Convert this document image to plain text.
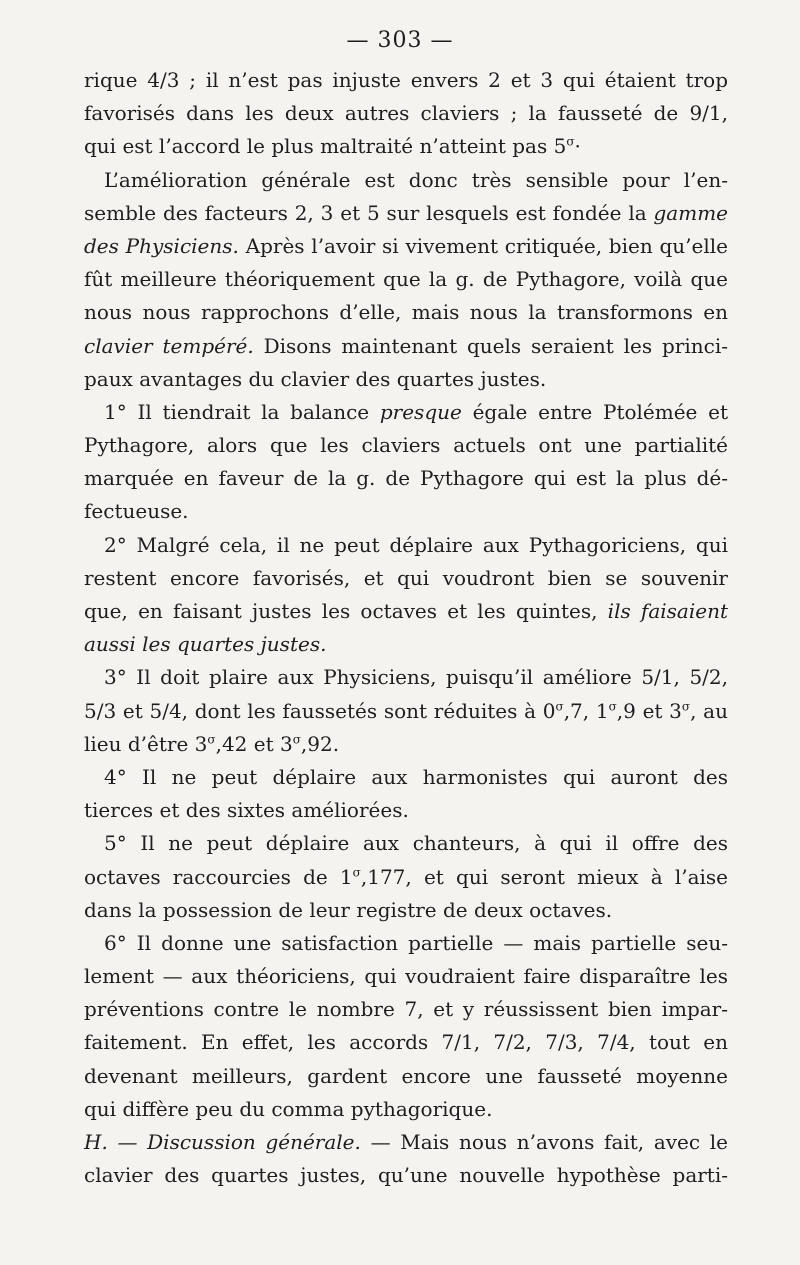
— 303 —
rique 4/3 ; il n’est pas injuste envers 2 et 3 qui étaient trop
favorisés dans les deux autres claviers ; la fausseté de 9/1,
qui est l’accord le plus maltraité n’atteint pas $5^\sigma\cdot$
L’amélioration générale est donc très sensible pour l’en-
semble des facteurs 2, 3 et 5 sur lesquels est fondée la gamme
des Physiciens. Après l’avoir si vivement critiquée, bien qu’elle
fût meilleure théoriquement que la g. de Pythagore, voilà que
nous nous rapprochons d’elle, mais nous la transformons en
clavier tempéré. Disons maintenant quels seraient les princi-
paux avantages du clavier des quartes justes.
1° Il tiendrait la balance presque égale entre Ptolémée et
Pythagore, alors que les claviers actuels ont une partialité
marquée en faveur de la g. de Pythagore qui est la plus dé-
fectueuse.
2° Malgré cela, il ne peut déplaire aux Pythagoriciens, qui
restent encore favorisés, et qui voudront bien se souvenir
que, en faisant justes les octaves et les quintes, ils faisaient
aussi les quartes justes.
3° Il doit plaire aux Physiciens, puisqu’il améliore 5/1, 5/2,
5/3 et 5/4, dont les faussetés sont réduites à $0^\sigma,7$, $1^\sigma,9$ et $3^\sigma$, au
lieu d’être $3^\sigma,42$ et $3^\sigma,92$.
4° Il ne peut déplaire aux harmonistes qui auront des
tierces et des sixtes améliorées.
5° Il ne peut déplaire aux chanteurs, à qui il offre des
octaves raccourcies de $1^\sigma,177$, et qui seront mieux à l’aise
dans la possession de leur registre de deux octaves.
6° Il donne une satisfaction partielle — mais partielle seu-
lement — aux théoriciens, qui voudraient faire disparaître les
préventions contre le nombre 7, et y réussissent bien impar-
faitement. En effet, les accords 7/1, 7/2, 7/3, 7/4, tout en
devenant meilleurs, gardent encore une fausseté moyenne
qui diffère peu du comma pythagorique.
H. — Discussion générale. — Mais nous n’avons fait, avec le
clavier des quartes justes, qu’une nouvelle hypothèse parti-
